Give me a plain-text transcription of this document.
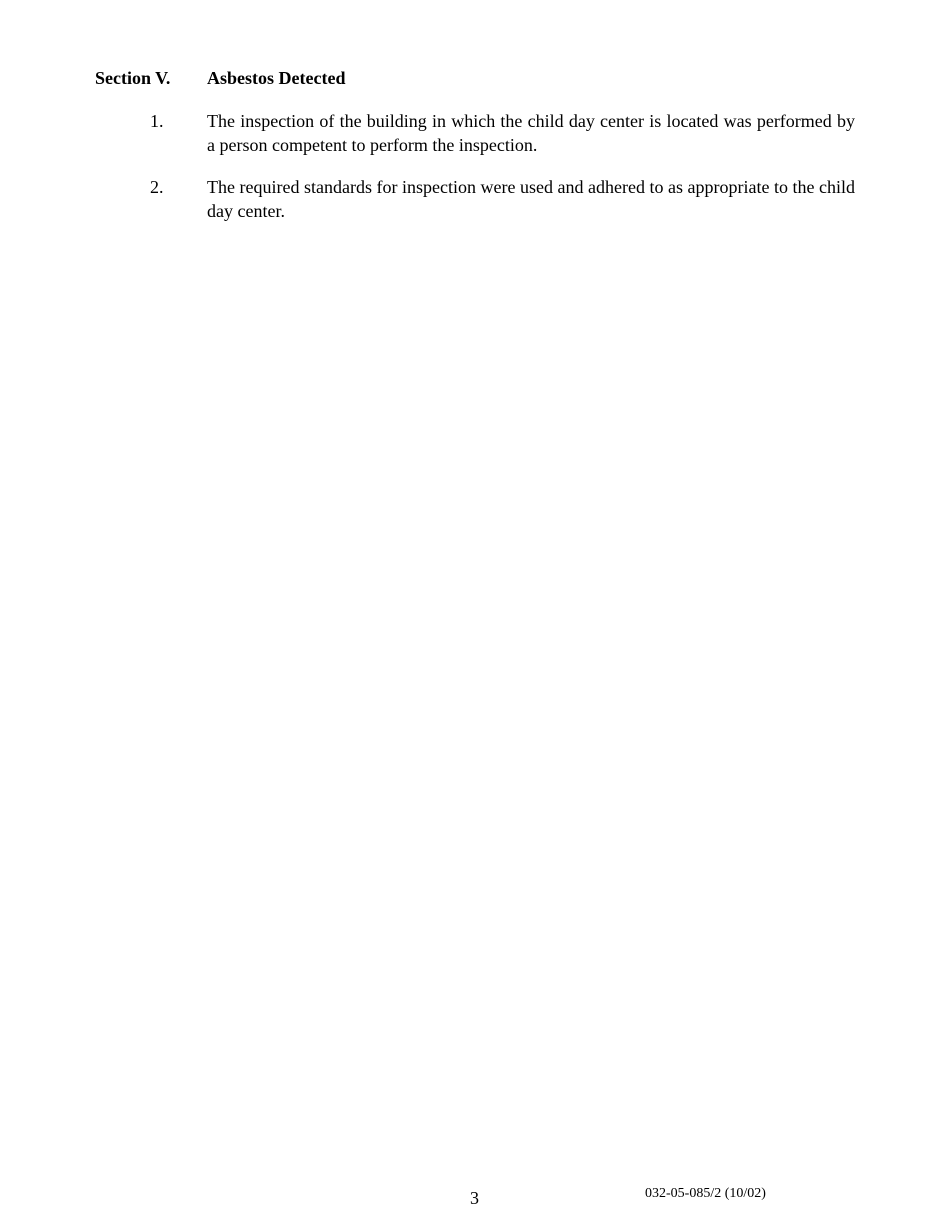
Section V. Asbestos Detected
1. The inspection of the building in which the child day center is located was performed by a person competent to perform the inspection.
2. The required standards for inspection were used and adhered to as appropriate to the child day center.
3	032-05-085/2 (10/02)
